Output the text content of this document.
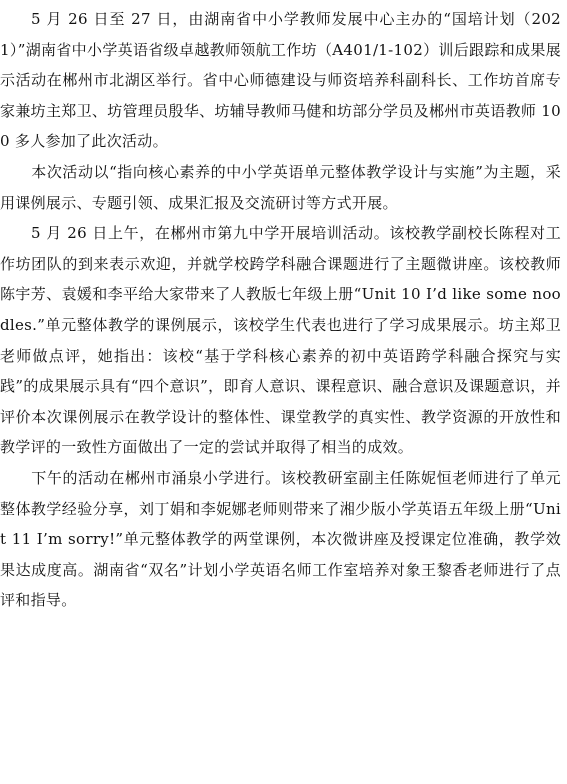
5 月 26 日至 27 日，由湖南省中小学教师发展中心主办的“国培计划（2021）”湖南省中小学英语省级卓越教师领航工作坊（A401/1-102）训后跟踪和成果展示活动在郴州市北湖区举行。省中心师德建设与师资培养科副科长、工作坊首席专家兼坊主郑卫、坊管理员殷华、坊辅导教师马健和坊部分学员及郴州市英语教师 100 多人参加了此次活动。

本次活动以“指向核心素养的中小学英语单元整体教学设计与实施”为主题，采用课例展示、专题引领、成果汇报及交流研讨等方式开展。

5 月 26 日上午，在郴州市第九中学开展培训活动。该校教学副校长陈程对工作坊团队的到来表示欢迎，并就学校跨学科融合课题进行了主题微讲座。该校教师陈宇芳、袁媛和李平给大家带来了人教版七年级上册“Unit 10 I’d like some noodles.”单元整体教学的课例展示，该校学生代表也进行了学习成果展示。坊主郑卫老师做点评，她指出：该校“基于学科核心素养的初中英语跨学科融合探究与实践”的成果展示具有“四个意识”，即育人意识、课程意识、融合意识及课题意识，并评价本次课例展示在教学设计的整体性、课堂教学的真实性、教学资源的开放性和教学评的一致性方面做出了一定的尝试并取得了相当的成效。

下午的活动在郴州市涌泉小学进行。该校教研室副主任陈妮恒老师进行了单元整体教学经验分享，刘丁娟和李妮娜老师则带来了湘少版小学英语五年级上册“Unit 11 I’m sorry!”单元整体教学的两堂课例，本次微讲座及授课定位准确，教学效果达成度高。湖南省“双名”计划小学英语名师工作室培养对象王黎香老师进行了点评和指导。
